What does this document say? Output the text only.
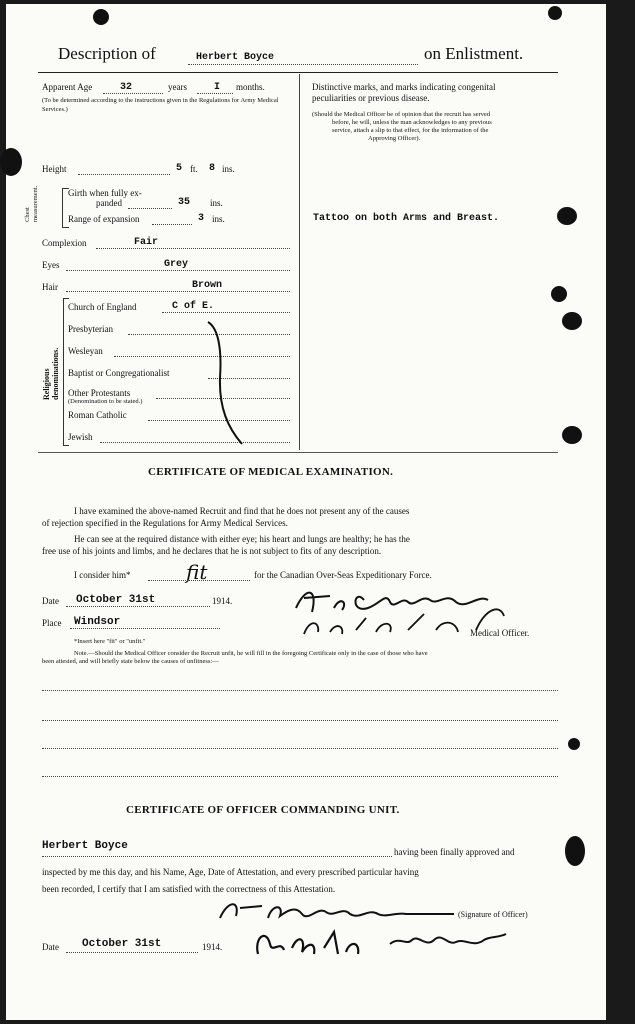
Description of	Herbert Boyce	on Enlistment.
Apparent Age	32	years	I months.
(To be determined according to the instructions given in the Regulations for Army Medical Services.)
Height	5 ft. 8 ins.
Chest measurement.	Girth when fully ex-
panded	35 ins.
Range of expansion	3 ins.
Complexion	Fair
Eyes	Grey
Hair	Brown
Religious denominations.
Church of England	C of E.
Presbyterian
Wesleyan
Baptist or Congregationalist
Other Protestants
(Denomination to be stated.)
Roman Catholic
Jewish
Distinctive marks, and marks indicating congenital
peculiarities or previous disease.
(Should the Medical Officer be of opinion that the recruit has served
before, he will, unless the man acknowledges to any previous
service, attach a slip to that effect, for the information of the
Approving Officer).
Tattoo on both Arms and Breast.
CERTIFICATE OF MEDICAL EXAMINATION.
I have examined the above-named Recruit and find that he does not present any of the causes
of rejection specified in the Regulations for Army Medical Services.
He can see at the required distance with either eye; his heart and lungs are healthy; he has the
free use of his joints and limbs, and he declares that he is not subject to fits of any description.
I consider him*	fit	for the Canadian Over-Seas Expeditionary Force.
Date October 31st	1914.
Place Windsor
Medical Officer.
*Insert here "fit" or "unfit."
Note.—Should the Medical Officer consider the Recruit unfit, he will fill in the foregoing Certificate only in the case of those who have
been attested, and will briefly state below the causes of unfitness:—
CERTIFICATE OF OFFICER COMMANDING UNIT.
Herbert Boyce	having been finally approved and
inspected by me this day, and his Name, Age, Date of Attestation, and every prescribed particular having
been recorded, I certify that I am satisfied with the correctness of this Attestation.
(Signature of Officer)
Date October 31st	1914.
